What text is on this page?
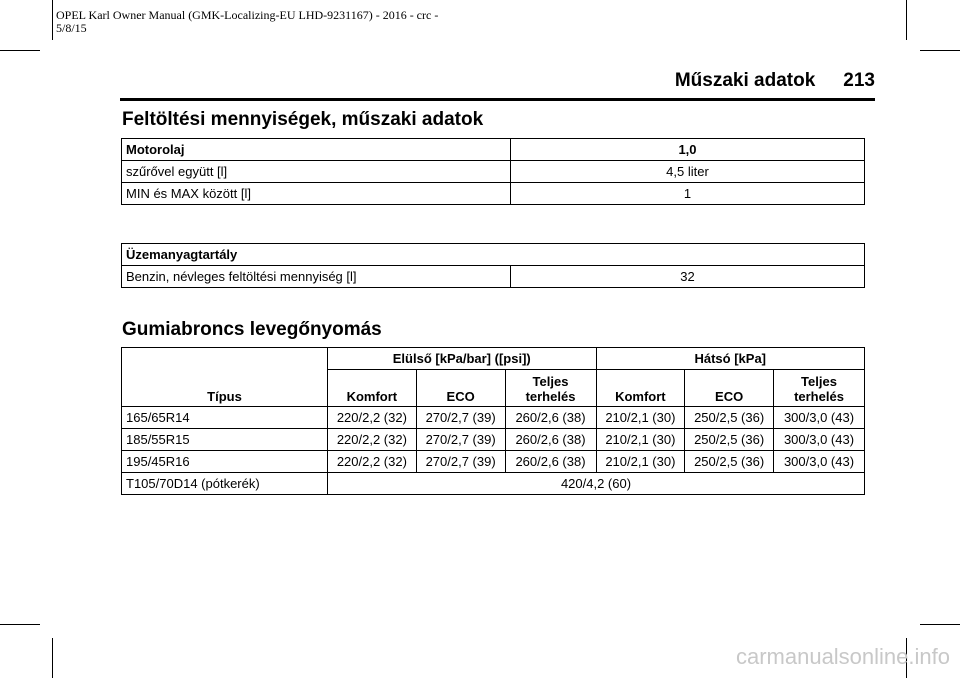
OPEL Karl Owner Manual (GMK-Localizing-EU LHD-9231167) - 2016 - crc -
5/8/15
Műszaki adatok 213
Feltöltési mennyiségek, műszaki adatok
Motorolaj	1,0
szűrővel együtt [l]	4,5 liter
MIN és MAX között [l]	1
Üzemanyagtartály
Benzin, névleges feltöltési mennyiség [l]	32
Gumiabroncs levegőnyomás
Típus	Elülső [kPa/bar] ([psi])			Hátsó [kPa]		
	Komfort	ECO	Teljes terhelés	Komfort	ECO	Teljes terhelés
165/65R14	220/2,2 (32)	270/2,7 (39)	260/2,6 (38)	210/2,1 (30)	250/2,5 (36)	300/3,0 (43)
185/55R15	220/2,2 (32)	270/2,7 (39)	260/2,6 (38)	210/2,1 (30)	250/2,5 (36)	300/3,0 (43)
195/45R16	220/2,2 (32)	270/2,7 (39)	260/2,6 (38)	210/2,1 (30)	250/2,5 (36)	300/3,0 (43)
T105/70D14 (pótkerék)	420/4,2 (60)					
carmanualsonline.info
